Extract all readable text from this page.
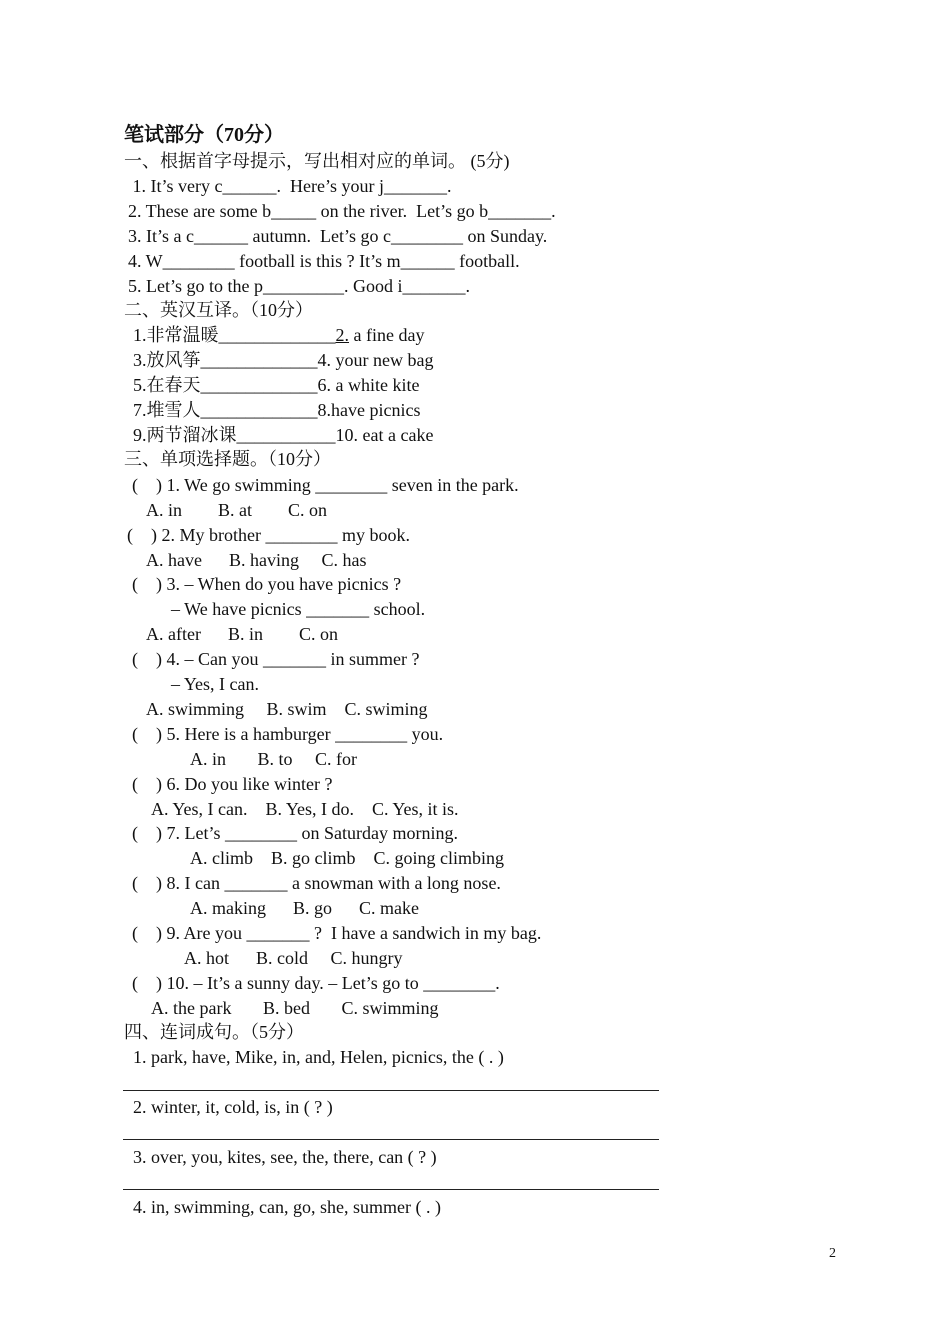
笔试部分（70分）
一、根据首字母提示，写出相对应的单词。 (5分)
1. It’s very c______.  Here’s your j_______.
2. These are some b_____ on the river.  Let’s go b_______.
3. It’s a c______ autumn.  Let’s go c________ on Sunday.
4. W________ football is this ? It’s m______ football.
5. Let’s go to the p_________. Good i_______.
二、英汉互译。（10分）
1.非常温暖_____________2. a fine day
3.放风筝_____________4. your new bag
5.在春天_____________6. a white kite
7.堆雪人_____________8.have picnics
9.两节溜冰课___________10. eat a cake
三、单项选择题。（10分）
(    ) 1. We go swimming ________ seven in the park.
A. in        B. at        C. on
(    ) 2. My brother ________ my book.
A. have      B. having     C. has
(    ) 3. – When do you have picnics ?
– We have picnics _______ school.
A. after      B. in        C. on
(    ) 4. – Can you _______ in summer ?
– Yes, I can.
A. swimming     B. swim    C. swiming
(    ) 5. Here is a hamburger ________ you.
A. in       B. to     C. for
(    ) 6. Do you like winter ?
A. Yes, I can.    B. Yes, I do.    C. Yes, it is.
(    ) 7. Let’s ________ on Saturday morning.
A. climb    B. go climb    C. going climbing
(    ) 8. I can _______ a snowman with a long nose.
A. making      B. go      C. make
(    ) 9. Are you _______ ?  I have a sandwich in my bag.
A. hot      B. cold     C. hungry
(    ) 10. – It’s a sunny day. – Let’s go to ________.
A. the park       B. bed       C. swimming
四、连词成句。（5分）
1. park, have, Mike, in, and, Helen, picnics, the ( . )
2. winter, it, cold, is, in ( ? )
3. over, you, kites, see, the, there, can ( ? )
4. in, swimming, can, go, she, summer ( . )
2
